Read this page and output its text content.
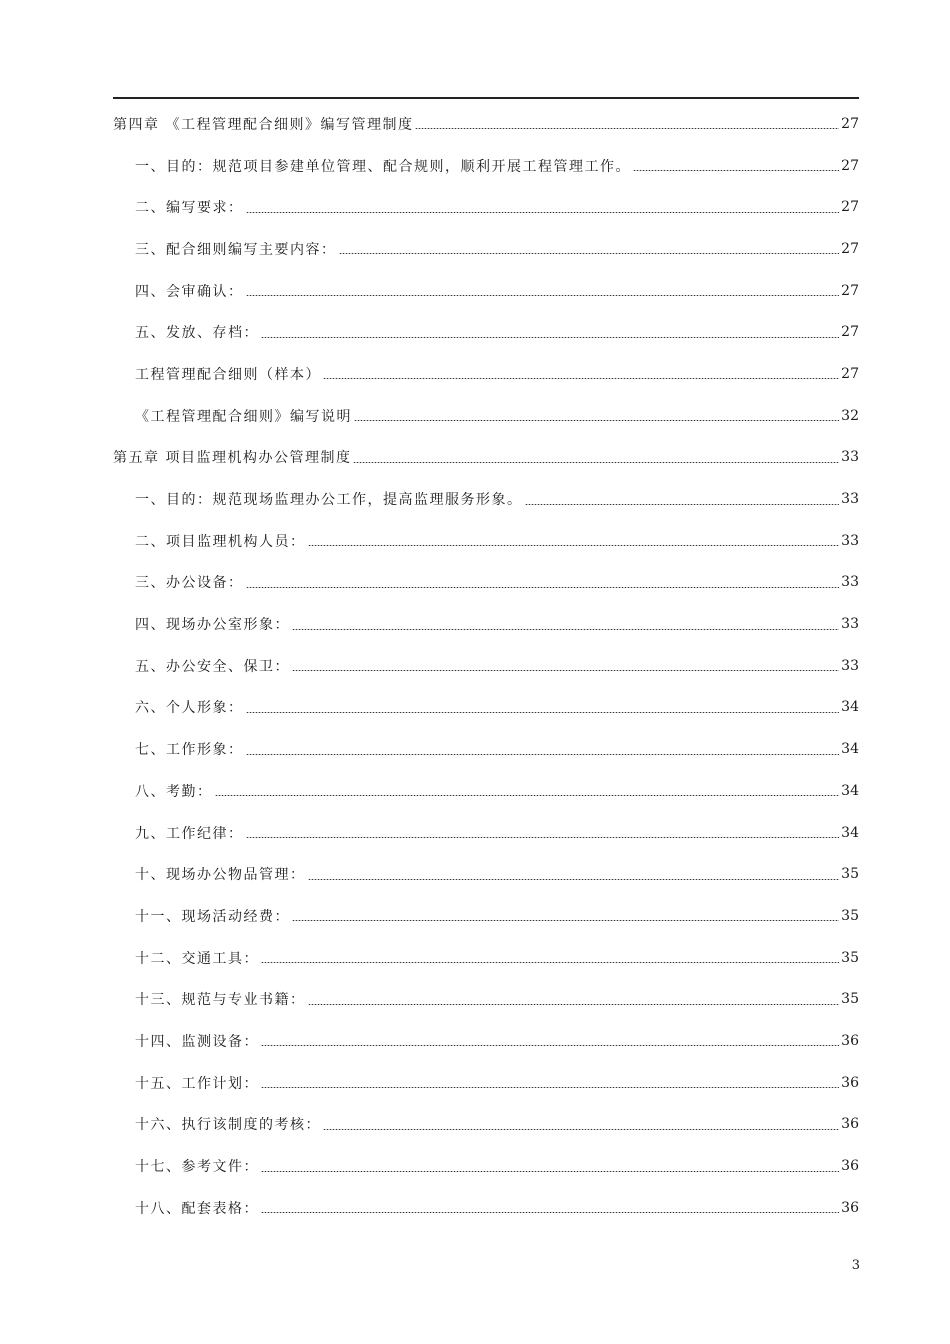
第四章 《工程管理配合细则》编写管理制度	27
一、目的：规范项目参建单位管理、配合规则，顺利开展工程管理工作。	27
二、编写要求：	27
三、配合细则编写主要内容：	27
四、会审确认：	27
五、发放、存档：	27
工程管理配合细则（样本）	27
《工程管理配合细则》编写说明	32
第五章 项目监理机构办公管理制度	33
一、目的：规范现场监理办公工作，提高监理服务形象。	33
二、项目监理机构人员：	33
三、办公设备：	33
四、现场办公室形象：	33
五、办公安全、保卫：	33
六、个人形象：	34
七、工作形象：	34
八、考勤：	34
九、工作纪律：	34
十、现场办公物品管理：	35
十一、现场活动经费：	35
十二、交通工具：	35
十三、规范与专业书籍：	35
十四、监测设备：	36
十五、工作计划：	36
十六、执行该制度的考核：	36
十七、参考文件：	36
十八、配套表格：	36
3
